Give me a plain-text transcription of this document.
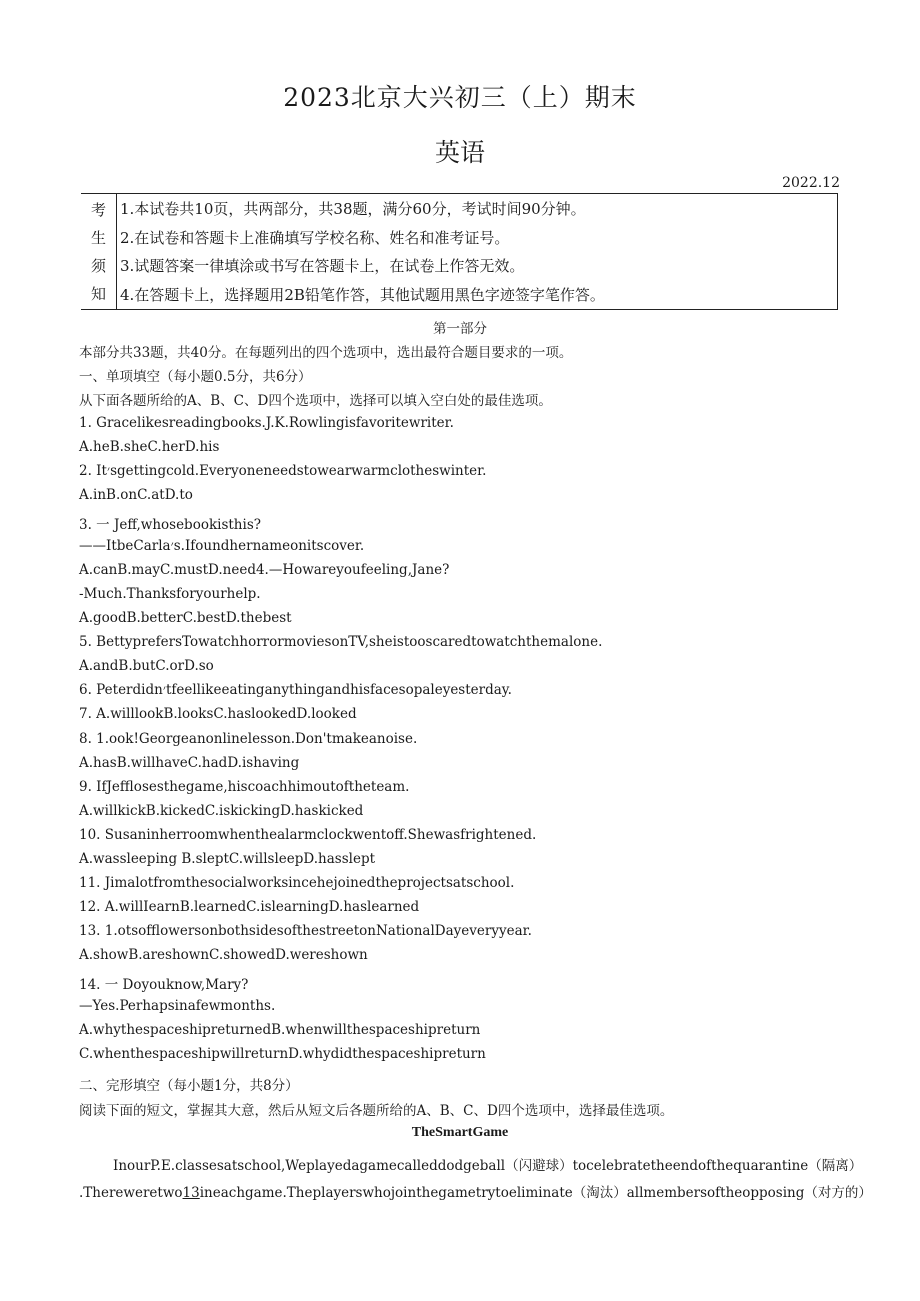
2023北京大兴初三（上）期末
英语
2022.12
考
生
须
知
1.本试卷共10页，共两部分，共38题，满分60分，考试时间90分钟。
2.在试卷和答题卡上准确填写学校名称、姓名和准考证号。
3.试题答案一律填涂或书写在答题卡上，在试卷上作答无效。
4.在答题卡上，选择题用2B铅笔作答，其他试题用黑色字迹签字笔作答。
第一部分
本部分共33题，共40分。在每题列出的四个选项中，选出最符合题目要求的一项。
一、单项填空（每小题0.5分，共6分）
从下面各题所给的A、B、C、D四个选项中，选择可以填入空白处的最佳选项。
1. Gracelikesreadingbooks.J.K.Rowlingisfavoritewriter.
A.heB.sheC.herD.his
2. It׳sgettingcold.Everyoneneedstowearwarmclotheswinter.
A.inB.onC.atD.to
3. 一 Jeff,whosebookisthis?
——ItbeCarla׳s.Ifoundhernameonitscover.
A.canB.mayC.mustD.need4.—Howareyoufeeling,Jane?
-Much.Thanksforyourhelp.
A.goodB.betterC.bestD.thebest
5. BettyprefersTowatchhorrormoviesonTV,sheistooscaredtowatchthemalone.
A.andB.butC.orD.so
6. Peterdidn׳tfeellikeeatinganythingandhisfacesopaleyesterday.
7. A.willlookB.looksC.haslookedD.looked
8. 1.ook!Georgeanonlinelesson.Don'tmakeanoise.
A.hasB.willhaveC.hadD.ishaving
9. IfJefflosesthegame,hiscoachhimoutoftheteam.
A.willkickB.kickedC.iskickingD.haskicked
10. Susaninherroomwhenthealarmclockwentoff.Shewasfrightened.
A.wassleeping B.sleptC.willsleepD.hasslept
11. Jimalotfromthesocialworksincehejoinedtheprojectsatschool.
12. A.willIearnB.learnedC.islearningD.haslearned
13. 1.otsofflowersonbothsidesofthestreetonNationalDayeveryyear.
A.showB.areshownC.showedD.wereshown
14. 一 Doyouknow,Mary?
—Yes.Perhapsinafewmonths.
A.whythespaceshipreturnedB.whenwillthespaceshipreturn
C.whenthespaceshipwillreturnD.whydidthespaceshipreturn
二、完形填空（每小题1分，共8分）
阅读下面的短文，掌握其大意，然后从短文后各题所给的A、B、C、D四个选项中，选择最佳选项。
TheSmartGame
InourP.E.classesatschool,Weplayedagamecalleddodgeball（闪避球）tocelebratetheendofthequarantine（隔离）
.Thereweretwo13ineachgame.Theplayerswhojointhegametrytoeliminate（淘汰）allmembersoftheopposing（对方的）
